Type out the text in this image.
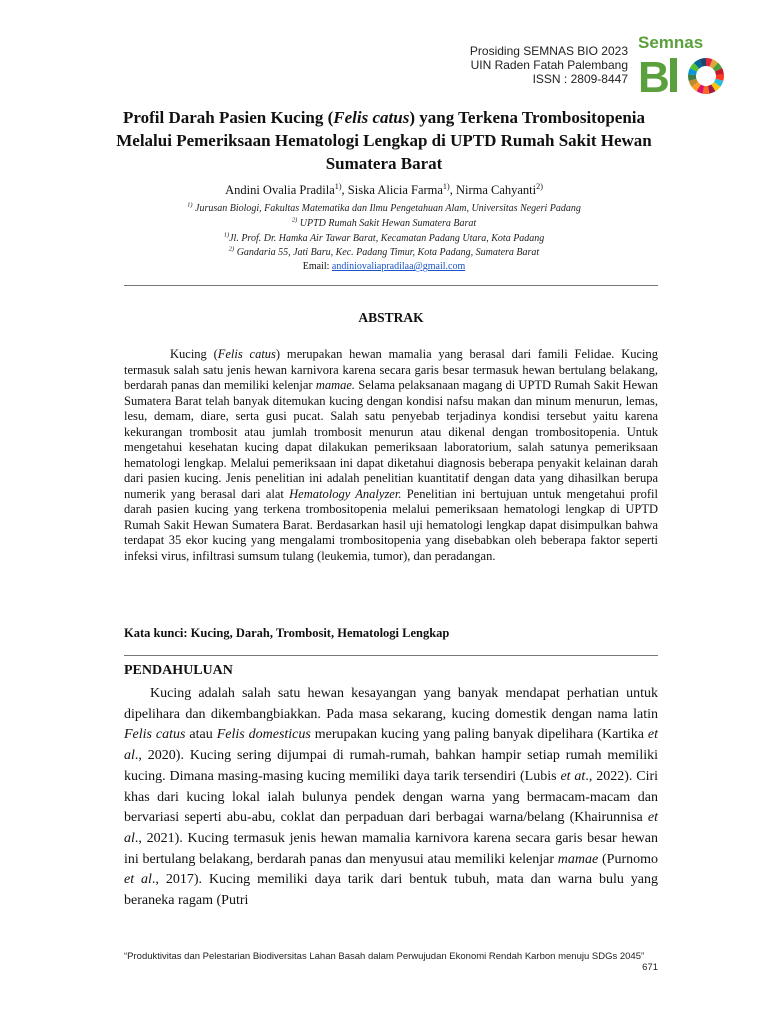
Prosiding SEMNAS BIO 2023
UIN Raden Fatah Palembang
ISSN : 2809-8447
Semnas
B
Profil Darah Pasien Kucing (Felis catus) yang Terkena Trombositopenia Melalui Pemeriksaan Hematologi Lengkap di UPTD Rumah Sakit Hewan Sumatera Barat
Andini Ovalia Pradila$^{1)}$, Siska Alicia Farma$^{1)}$, Nirma Cahyanti$^{2)}$
$^{1)}$ Jurusan Biologi, Fakultas Matematika dan Ilmu Pengetahuan Alam, Universitas Negeri Padang
$^{2)}$ UPTD Rumah Sakit Hewan Sumatera Barat
$^{1)}$Jl. Prof. Dr. Hamka Air Tawar Barat, Kecamatan Padang Utara, Kota Padang
$^{2)}$ Gandaria 55, Jati Baru, Kec. Padang Timur, Kota Padang, Sumatera Barat
Email: andiniovaliapradilaa@gmail.com
ABSTRAK

Kucing (Felis catus) merupakan hewan mamalia yang berasal dari famili Felidae. Kucing termasuk salah satu jenis hewan karnivora karena secara garis besar termasuk hewan bertulang belakang, berdarah panas dan memiliki kelenjar mamae. Selama pelaksanaan magang di UPTD Rumah Sakit Hewan Sumatera Barat telah banyak ditemukan kucing dengan kondisi nafsu makan dan minum menurun, lemas, lesu, demam, diare, serta gusi pucat. Salah satu penyebab terjadinya kondisi tersebut yaitu karena kekurangan trombosit atau jumlah trombosit menurun atau dikenal dengan trombositopenia. Untuk mengetahui kesehatan kucing dapat dilakukan pemeriksaan laboratorium, salah satunya pemeriksaan hematologi lengkap. Melalui pemeriksaan ini dapat diketahui diagnosis beberapa penyakit kelainan darah dari pasien kucing. Jenis penelitian ini adalah penelitian kuantitatif dengan data yang dihasilkan berupa numerik yang berasal dari alat Hematology Analyzer. Penelitian ini bertujuan untuk mengetahui profil darah pasien kucing yang terkena trombositopenia melalui pemeriksaan hematologi lengkap di UPTD Rumah Sakit Hewan Sumatera Barat. Berdasarkan hasil uji hematologi lengkap dapat disimpulkan bahwa terdapat 35 ekor kucing yang mengalami trombositopenia yang disebabkan oleh beberapa faktor seperti infeksi virus, infiltrasi sumsum tulang (leukemia, tumor), dan peradangan.

Kata kunci: Kucing, Darah, Trombosit, Hematologi Lengkap
PENDAHULUAN

Kucing adalah salah satu hewan kesayangan yang banyak mendapat perhatian untuk dipelihara dan dikembangbiakkan. Pada masa sekarang, kucing domestik dengan nama latin Felis catus atau Felis domesticus merupakan kucing yang paling banyak dipelihara (Kartika et al., 2020). Kucing sering dijumpai di rumah-rumah, bahkan hampir setiap rumah memiliki kucing. Dimana masing-masing kucing memiliki daya tarik tersendiri (Lubis et at., 2022). Ciri khas dari kucing lokal ialah bulunya pendek dengan warna yang bermacam-macam dan bervariasi seperti abu-abu, coklat dan perpaduan dari berbagai warna/belang (Khairunnisa et al., 2021). Kucing termasuk jenis hewan mamalia karnivora karena secara garis besar hewan ini bertulang belakang, berdarah panas dan menyusui atau memiliki kelenjar mamae (Purnomo et al., 2017). Kucing memiliki daya tarik dari bentuk tubuh, mata dan warna bulu yang beraneka ragam (Putri

“Produktivitas dan Pelestarian Biodiversitas Lahan Basah dalam Perwujudan Ekonomi Rendah Karbon menuju SDGs 2045”
671
